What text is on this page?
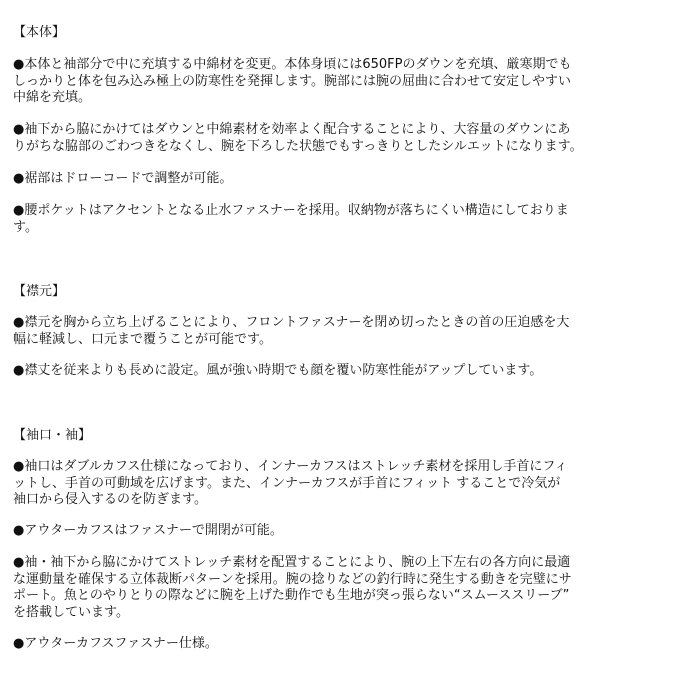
【本体】
●本体と袖部分で中に充填する中綿材を変更。本体身頃には650FPのダウンを充填、厳寒期でも
しっかりと体を包み込み極上の防寒性を発揮します。腕部には腕の屈曲に合わせて安定しやすい
中綿を充填。
●袖下から脇にかけてはダウンと中綿素材を効率よく配合することにより、大容量のダウンにあ
りがちな脇部のごわつきをなくし、腕を下ろした状態でもすっきりとしたシルエットになります。
●裾部はドローコードで調整が可能。
●腰ポケットはアクセントとなる止水ファスナーを採用。収納物が落ちにくい構造にしておりま
す。
【襟元】
●襟元を胸から立ち上げることにより、フロントファスナーを閉め切ったときの首の圧迫感を大
幅に軽減し、口元まで覆うことが可能です。
●襟丈を従来よりも長めに設定。風が強い時期でも顔を覆い防寒性能がアップしています。
【袖口・袖】
●袖口はダブルカフス仕様になっており、インナーカフスはストレッチ素材を採用し手首にフィ
ットし、手首の可動域を広げます。また、インナーカフスが手首にフィット することで冷気が
袖口から侵入するのを防ぎます。
●アウターカフスはファスナーで開閉が可能。
●袖・袖下から脇にかけてストレッチ素材を配置することにより、腕の上下左右の各方向に最適
な運動量を確保する立体裁断パターンを採用。腕の捻りなどの釣行時に発生する動きを完璧にサ
ポート。魚とのやりとりの際などに腕を上げた動作でも生地が突っ張らない“スムーススリーブ”
を搭載しています。
●アウターカフスファスナー仕様。
